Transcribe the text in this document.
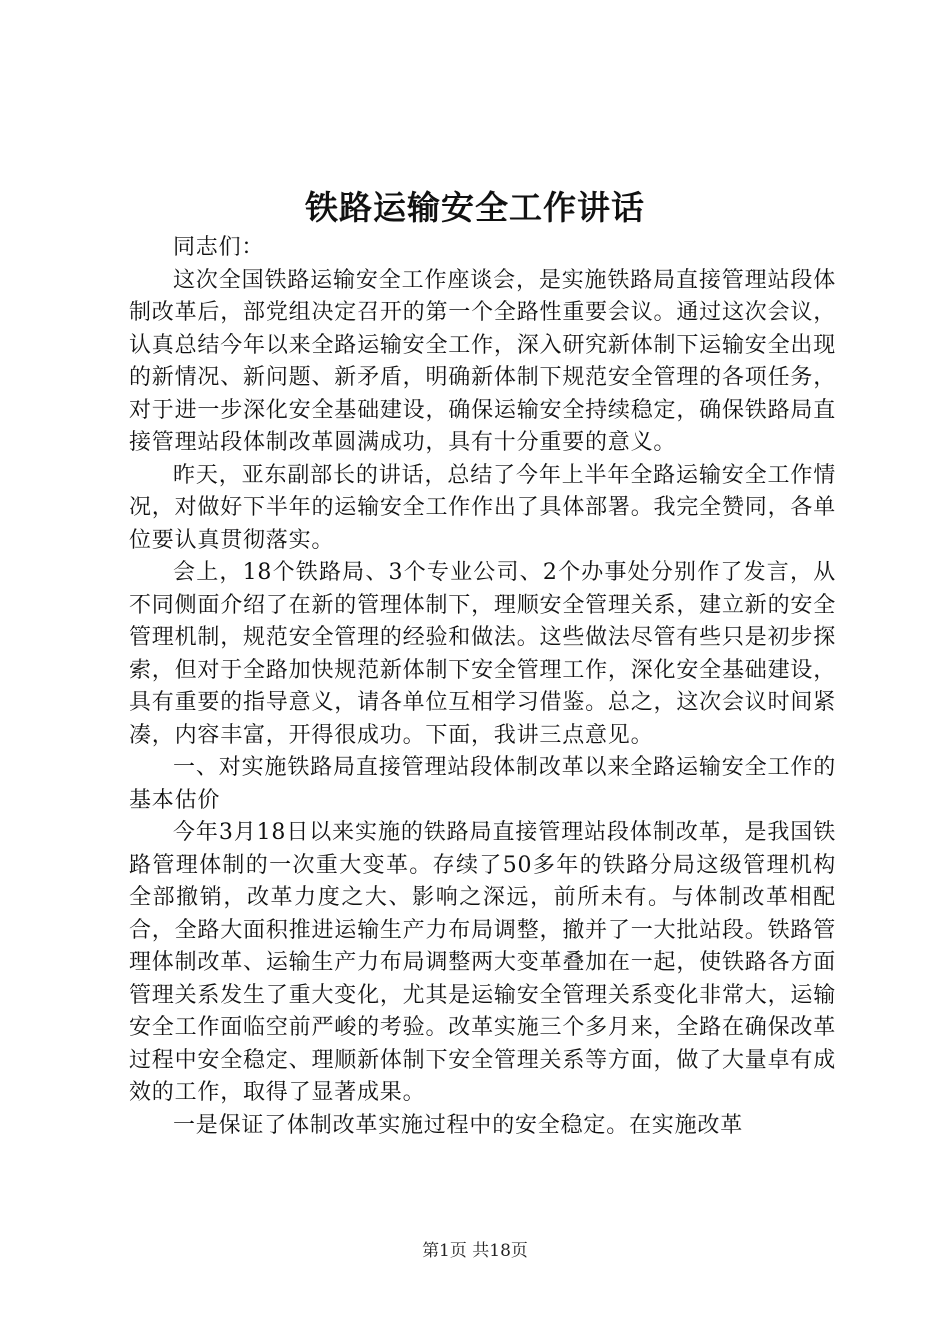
铁路运输安全工作讲话

同志们：

这次全国铁路运输安全工作座谈会，是实施铁路局直接管理站段体制改革后，部党组决定召开的第一个全路性重要会议。通过这次会议，认真总结今年以来全路运输安全工作，深入研究新体制下运输安全出现的新情况、新问题、新矛盾，明确新体制下规范安全管理的各项任务，对于进一步深化安全基础建设，确保运输安全持续稳定，确保铁路局直接管理站段体制改革圆满成功，具有十分重要的意义。

昨天，亚东副部长的讲话，总结了今年上半年全路运输安全工作情况，对做好下半年的运输安全工作作出了具体部署。我完全赞同，各单位要认真贯彻落实。

会上，18个铁路局、3个专业公司、2个办事处分别作了发言，从不同侧面介绍了在新的管理体制下，理顺安全管理关系，建立新的安全管理机制，规范安全管理的经验和做法。这些做法尽管有些只是初步探索，但对于全路加快规范新体制下安全管理工作，深化安全基础建设，具有重要的指导意义，请各单位互相学习借鉴。总之，这次会议时间紧凑，内容丰富，开得很成功。下面，我讲三点意见。

一、对实施铁路局直接管理站段体制改革以来全路运输安全工作的基本估价

今年3月18日以来实施的铁路局直接管理站段体制改革，是我国铁路管理体制的一次重大变革。存续了50多年的铁路分局这级管理机构全部撤销，改革力度之大、影响之深远，前所未有。与体制改革相配合，全路大面积推进运输生产力布局调整，撤并了一大批站段。铁路管理体制改革、运输生产力布局调整两大变革叠加在一起，使铁路各方面管理关系发生了重大变化，尤其是运输安全管理关系变化非常大，运输安全工作面临空前严峻的考验。改革实施三个多月来，全路在确保改革过程中安全稳定、理顺新体制下安全管理关系等方面，做了大量卓有成效的工作，取得了显著成果。

一是保证了体制改革实施过程中的安全稳定。在实施改革

第1页 共18页
